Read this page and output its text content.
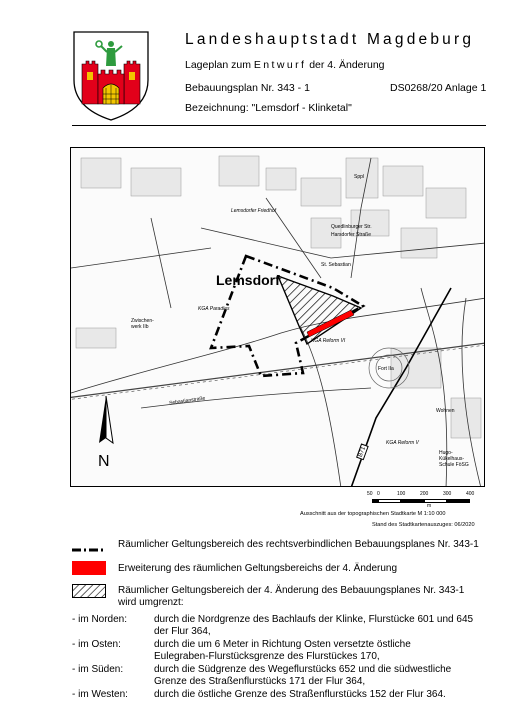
Landeshauptstadt Magdeburg
Lageplan zum Entwurf der 4. Änderung
Bebauungsplan Nr. 343 - 1	DS0268/20 Anlage 1
Bezeichnung: "Lemsdorf - Klinketal"
Lemsdorf
N
B71
Sebastianstraße
Lemsdorfer Friedhof
KGA Paradies
KGA Reform V
KGA Reform VI
Fort IIa
Hugo-Kükelhaus-Schule FöSG
Zwischen-werk IIb
St. Sebastian
Harsdorfer Straße
Quedlinburger Str.
Wohnen
Sppl
50 0	100	200	300	400
m
Ausschnitt aus der topographischen Stadtkarte M 1:10 000
Stand des Stadtkartenauszuges: 06/2020
Räumlicher Geltungsbereich des rechtsverbindlichen Bebauungsplanes Nr. 343-1
Erweiterung des räumlichen Geltungsbereichs der 4. Änderung
Räumlicher Geltungsbereich der 4. Änderung des Bebauungsplanes Nr. 343-1
wird umgrenzt:
- im Norden:	durch die Nordgrenze des Bachlaufs der Klinke, Flurstücke 601 und 645
der Flur 364,
- im Osten:	durch die um 6 Meter in Richtung Osten versetzte östliche
Eulegraben-Flurstücksgrenze des Flurstückes 170,
- im Süden:	durch die Südgrenze des Wegeflurstücks 652 und die südwestliche
Grenze des Straßenflurstücks 171 der Flur 364,
- im Westen:	durch die östliche Grenze des Straßenflurstücks 152 der Flur 364.
